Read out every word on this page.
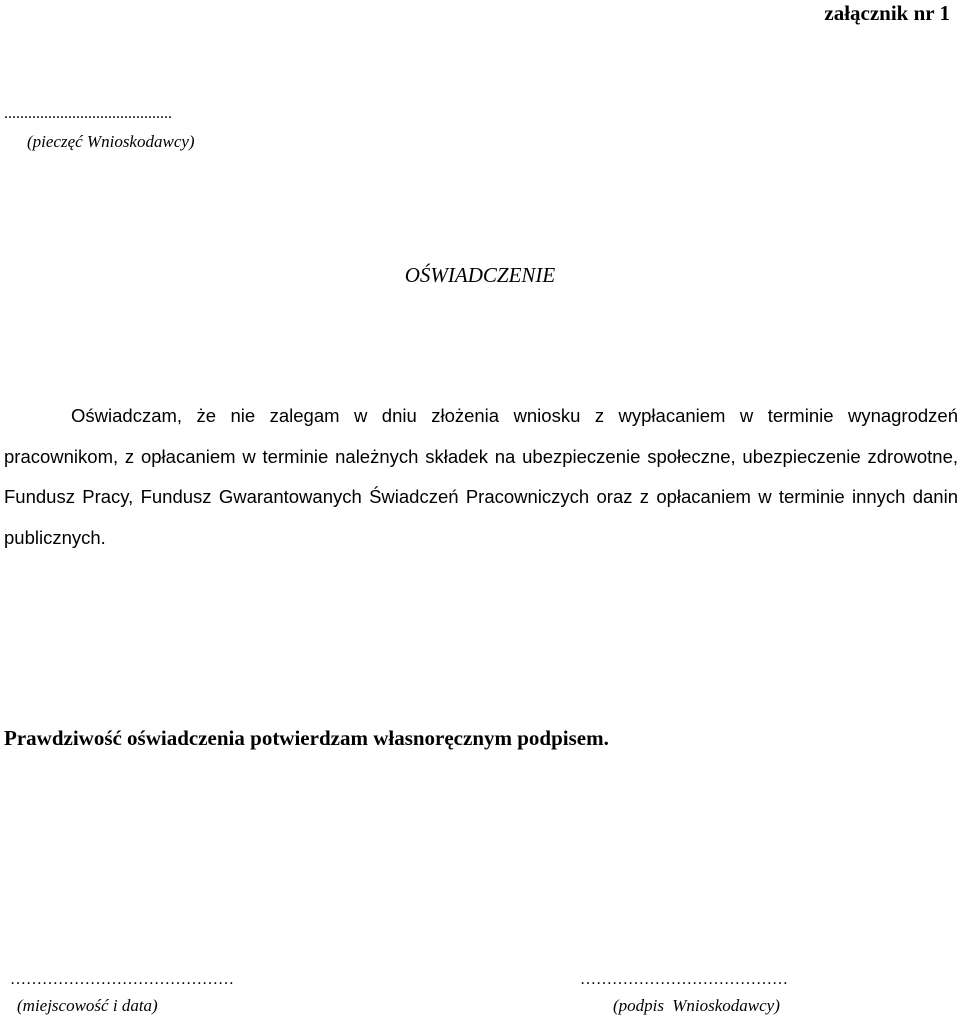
załącznik nr 1
..........................................
(pieczęć Wnioskodawcy)
OŚWIADCZENIE

Oświadczam, że nie zalegam w dniu złożenia wniosku z wypłacaniem w terminie wynagrodzeń pracownikom, z opłacaniem w terminie należnych składek na ubezpieczenie społeczne, ubezpieczenie zdrowotne, Fundusz Pracy, Fundusz Gwarantowanych Świadczeń Pracowniczych oraz z opłacaniem w terminie innych danin publicznych.

Prawdziwość oświadczenia potwierdzam własnoręcznym podpisem.
……………………………………	…………………………………
(miejscowość i data)	(podpis Wnioskodawcy)
